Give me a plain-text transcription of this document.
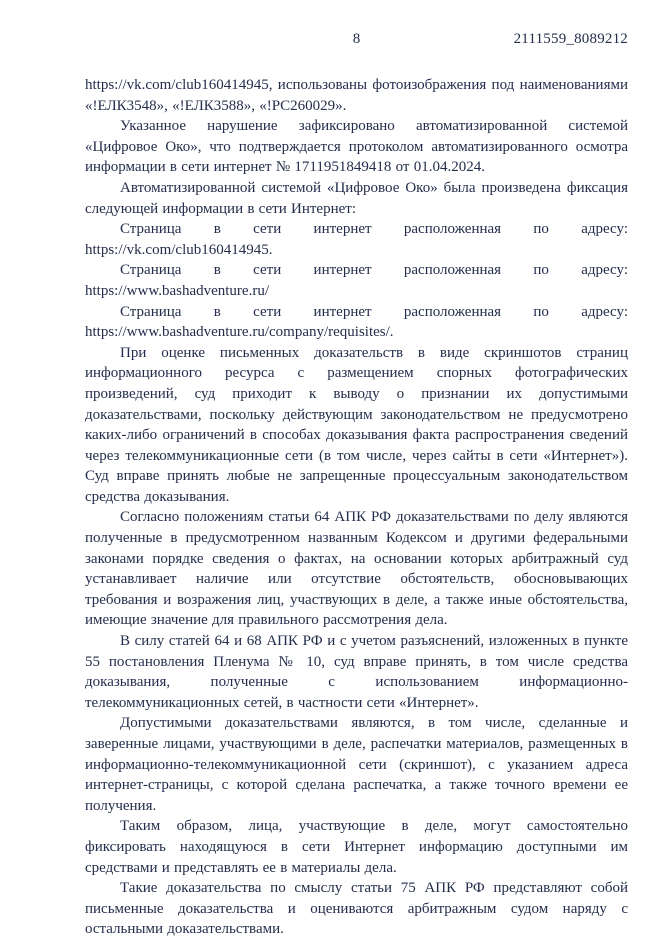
8	2111559_8089212

https://vk.com/club160414945, использованы фотоизображения под наименованиями «!ЕЛК3548», «!ЕЛК3588», «!PC260029».

Указанное нарушение зафиксировано автоматизированной системой «Цифровое Око», что подтверждается протоколом автоматизированного осмотра информации в сети интернет № 1711951849418 от 01.04.2024.

Автоматизированной системой «Цифровое Око» была произведена фиксация следующей информации в сети Интернет:

Страница в сети интернет расположенная по адресу: https://vk.com/club160414945.

Страница в сети интернет расположенная по адресу: https://www.bashadventure.ru/

Страница в сети интернет расположенная по адресу: https://www.bashadventure.ru/company/requisites/.

При оценке письменных доказательств в виде скриншотов страниц информационного ресурса с размещением спорных фотографических произведений, суд приходит к выводу о признании их допустимыми доказательствами, поскольку действующим законодательством не предусмотрено каких-либо ограничений в способах доказывания факта распространения сведений через телекоммуникационные сети (в том числе, через сайты в сети «Интернет»). Суд вправе принять любые не запрещенные процессуальным законодательством средства доказывания.

Согласно положениям статьи 64 АПК РФ доказательствами по делу являются полученные в предусмотренном названным Кодексом и другими федеральными законами порядке сведения о фактах, на основании которых арбитражный суд устанавливает наличие или отсутствие обстоятельств, обосновывающих требования и возражения лиц, участвующих в деле, а также иные обстоятельства, имеющие значение для правильного рассмотрения дела.

В силу статей 64 и 68 АПК РФ и с учетом разъяснений, изложенных в пункте 55 постановления Пленума № 10, суд вправе принять, в том числе средства доказывания, полученные с использованием информационно-телекоммуникационных сетей, в частности сети «Интернет».

Допустимыми доказательствами являются, в том числе, сделанные и заверенные лицами, участвующими в деле, распечатки материалов, размещенных в информационно-телекоммуникационной сети (скриншот), с указанием адреса интернет-страницы, с которой сделана распечатка, а также точного времени ее получения.

Таким образом, лица, участвующие в деле, могут самостоятельно фиксировать находящуюся в сети Интернет информацию доступными им средствами и представлять ее в материалы дела.

Такие доказательства по смыслу статьи 75 АПК РФ представляют собой письменные доказательства и оцениваются арбитражным судом наряду с остальными доказательствами.
